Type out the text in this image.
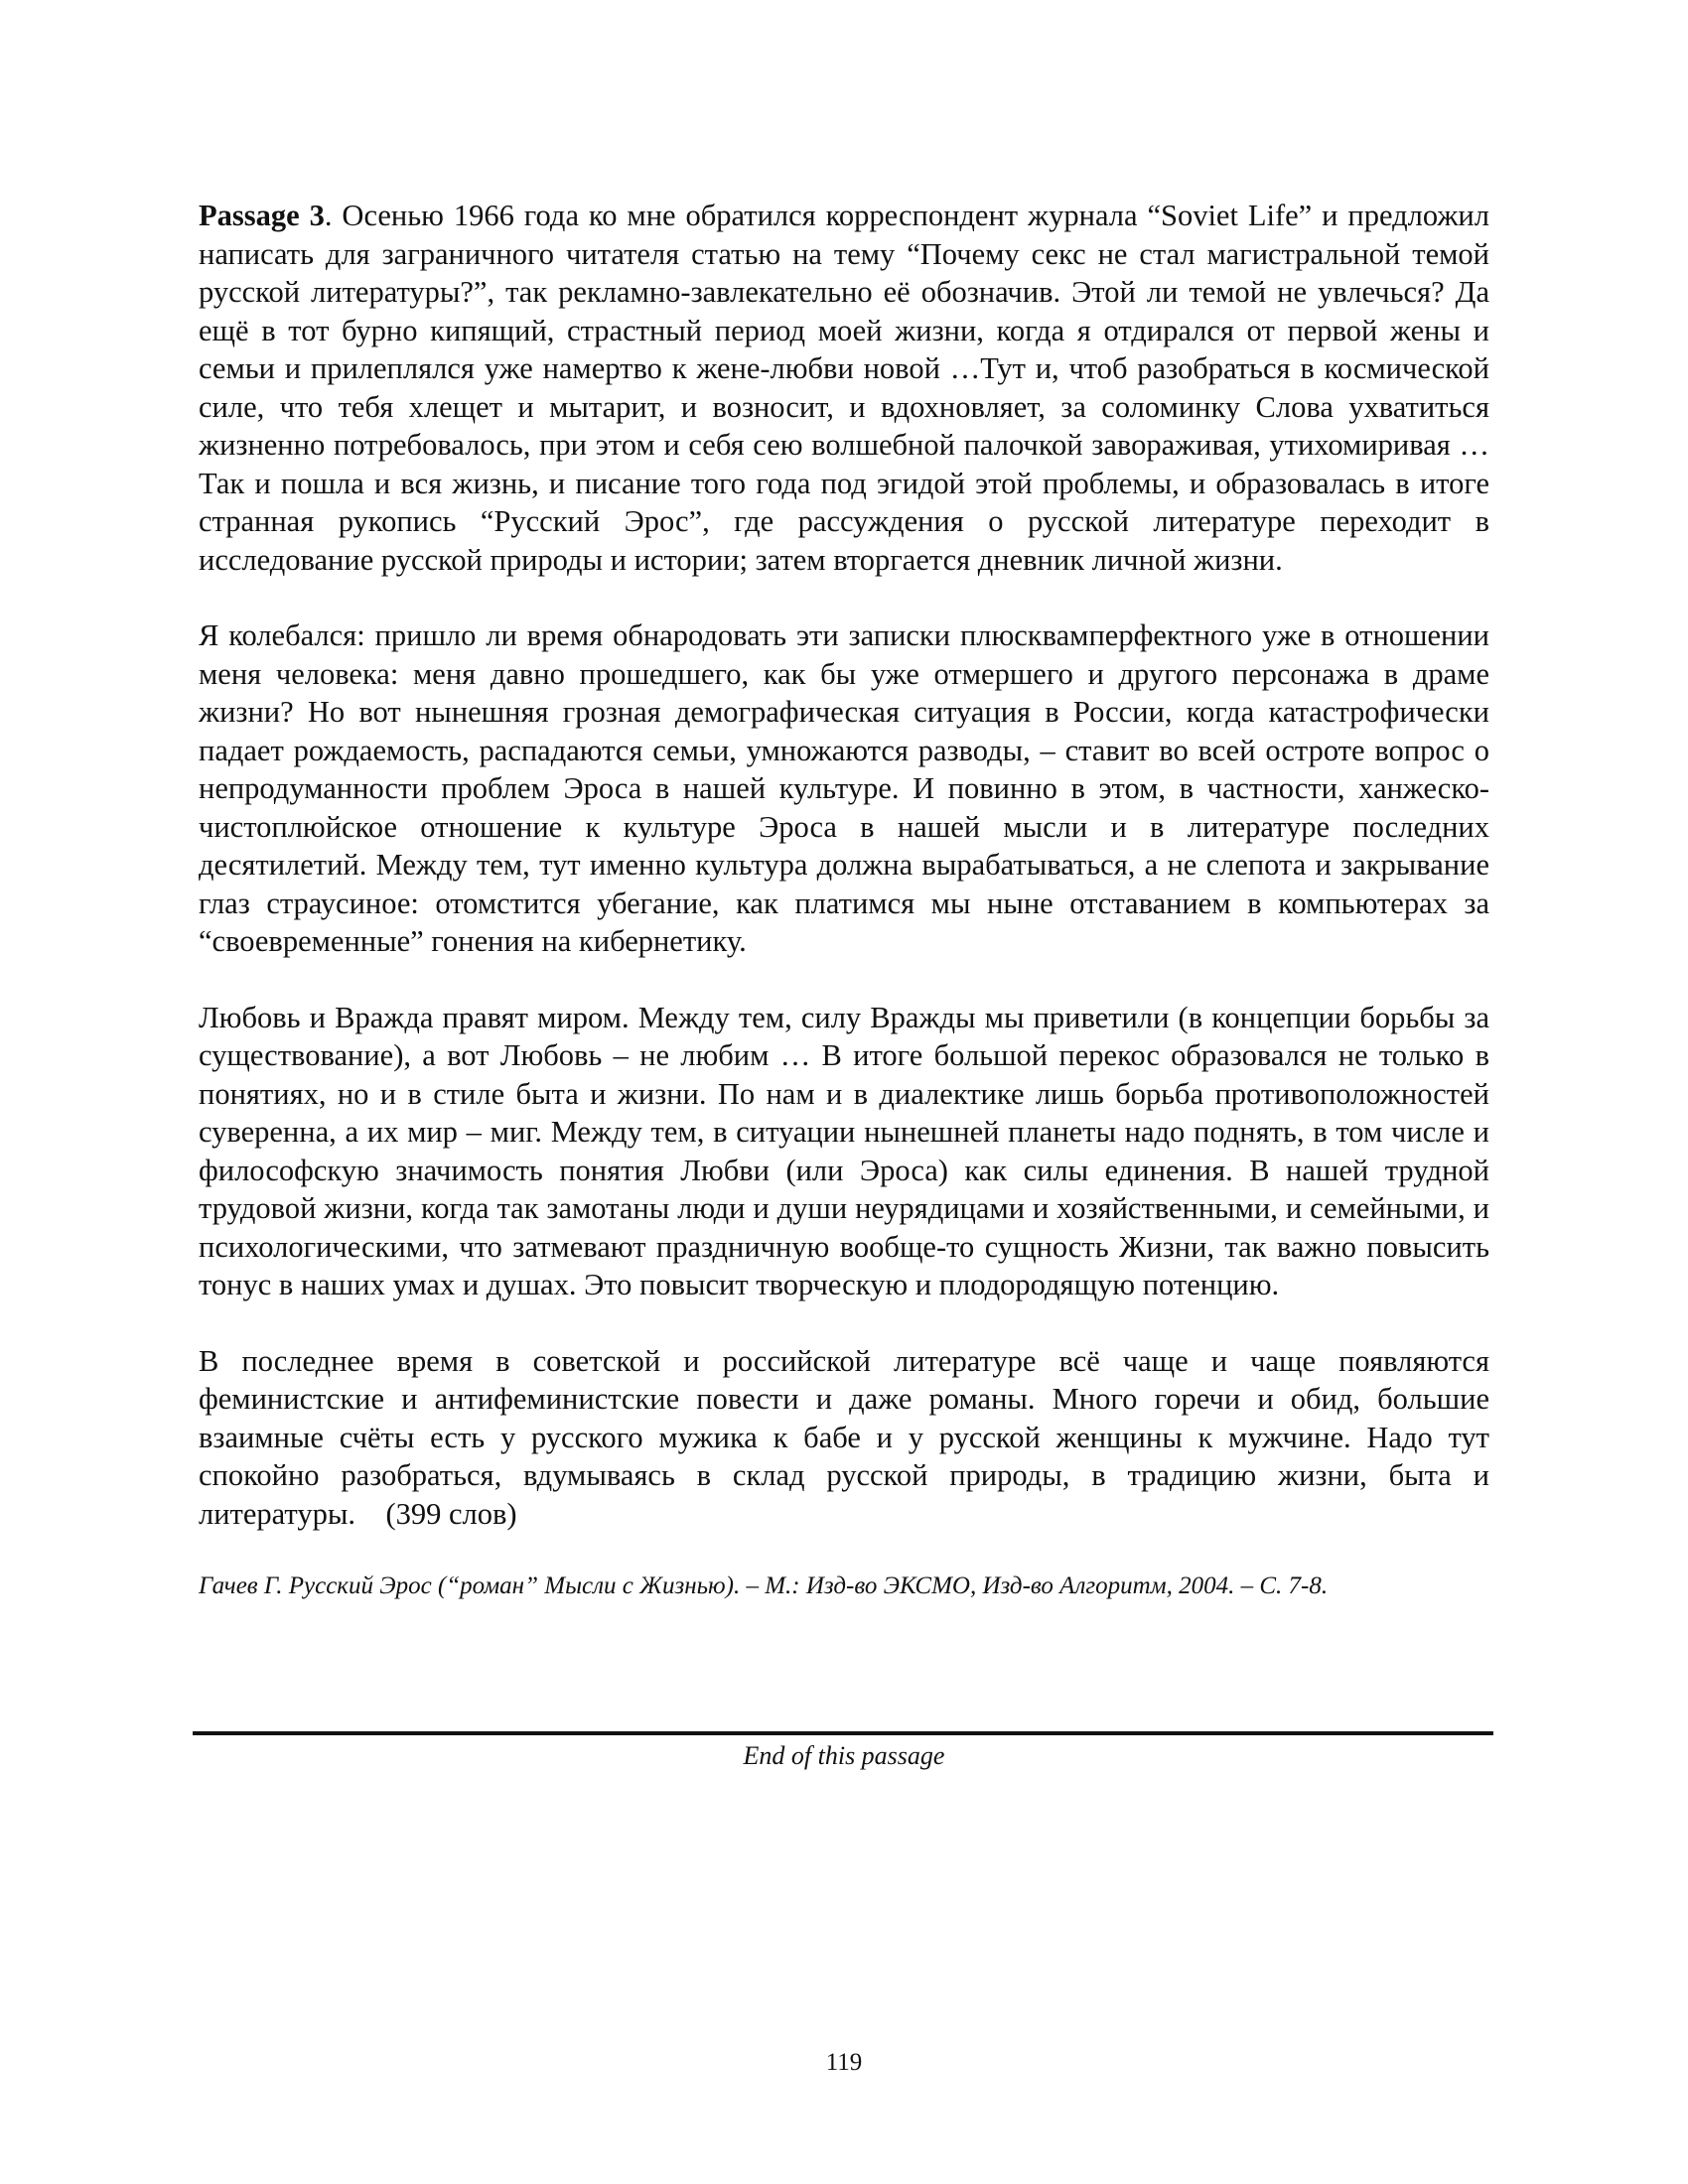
Passage 3. Осенью 1966 года ко мне обратился корреспондент журнала “Soviet Life” и предложил написать для заграничного читателя статью на тему “Почему секс не стал магистральной темой русской литературы?”, так рекламно-завлекательно её обозначив. Этой ли темой не увлечься? Да ещё в тот бурно кипящий, страстный период моей жизни, когда я отдирался от первой жены и семьи и прилеплялся уже намертво к жене-любви новой …Тут и, чтоб разобраться в космической силе, что тебя хлещет и мытарит, и возносит, и вдохновляет, за соломинку Слова ухватиться жизненно потребовалось, при этом и себя сею волшебной палочкой завораживая, утихомиривая … Так и пошла и вся жизнь, и писание того года под эгидой этой проблемы, и образовалась в итоге странная рукопись “Русский Эрос”, где рассуждения о русской литературе переходит в исследование русской природы и истории; затем вторгается дневник личной жизни.

Я колебался: пришло ли время обнародовать эти записки плюсквамперфектного уже в отношении меня человека: меня давно прошедшего, как бы уже отмершего и другого персонажа в драме жизни? Но вот нынешняя грозная демографическая ситуация в России, когда катастрофически падает рождаемость, распадаются семьи, умножаются разводы, – ставит во всей остроте вопрос о непродуманности проблем Эроса в нашей культуре. И повинно в этом, в частности, ханжеско-чистоплюйское отношение к культуре Эроса в нашей мысли и в литературе последних десятилетий. Между тем, тут именно культура должна вырабатываться, а не слепота и закрывание глаз страусиное: отомстится убегание, как платимся мы ныне отставанием в компьютерах за “своевременные” гонения на кибернетику.

Любовь и Вражда правят миром. Между тем, силу Вражды мы приветили (в концепции борьбы за существование), а вот Любовь – не любим … В итоге большой перекос образовался не только в понятиях, но и в стиле быта и жизни. По нам и в диалектике лишь борьба противоположностей суверенна, а их мир – миг. Между тем, в ситуации нынешней планеты надо поднять, в том числе и философскую значимость понятия Любви (или Эроса) как силы единения. В нашей трудной трудовой жизни, когда так замотаны люди и души неурядицами и хозяйственными, и семейными, и психологическими, что затмевают праздничную вообще-то сущность Жизни, так важно повысить тонус в наших умах и душах. Это повысит творческую и плодородящую потенцию.

В последнее время в советской и российской литературе всё чаще и чаще появляются феминистские и антифеминистские повести и даже романы. Много горечи и обид, большие взаимные счёты есть у русского мужика к бабе и у русской женщины к мужчине. Надо тут спокойно разобраться, вдумываясь в склад русской природы, в традицию жизни, быта и литературы. (399 слов)

Гачев Г. Русский Эрос (“роман” Мысли с Жизнью). – М.: Изд-во ЭКСМО, Изд-во Алгоритм, 2004. – С. 7-8.
End of this passage
119
